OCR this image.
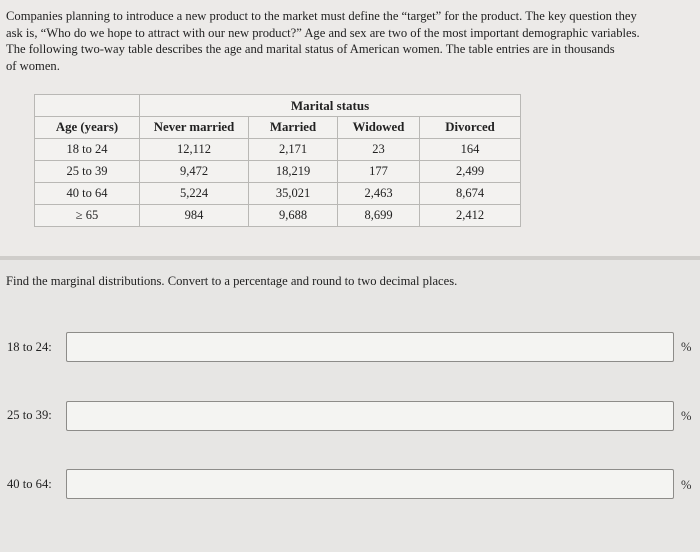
Companies planning to introduce a new product to the market must define the “target” for the product. The key question they
ask is, “Who do we hope to attract with our new product?” Age and sex are two of the most important demographic variables.
The following two-way table describes the age and marital status of American women. The table entries are in thousands
of women.
	Marital status			
Age (years)	Never married	Married	Widowed	Divorced
18 to 24	12,112	2,171	23	164
25 to 39	9,472	18,219	177	2,499
40 to 64	5,224	35,021	2,463	8,674
≥ 65	984	9,688	8,699	2,412
Find the marginal distributions. Convert to a percentage and round to two decimal places.
18 to 24:	%
25 to 39:	%
40 to 64:	%
